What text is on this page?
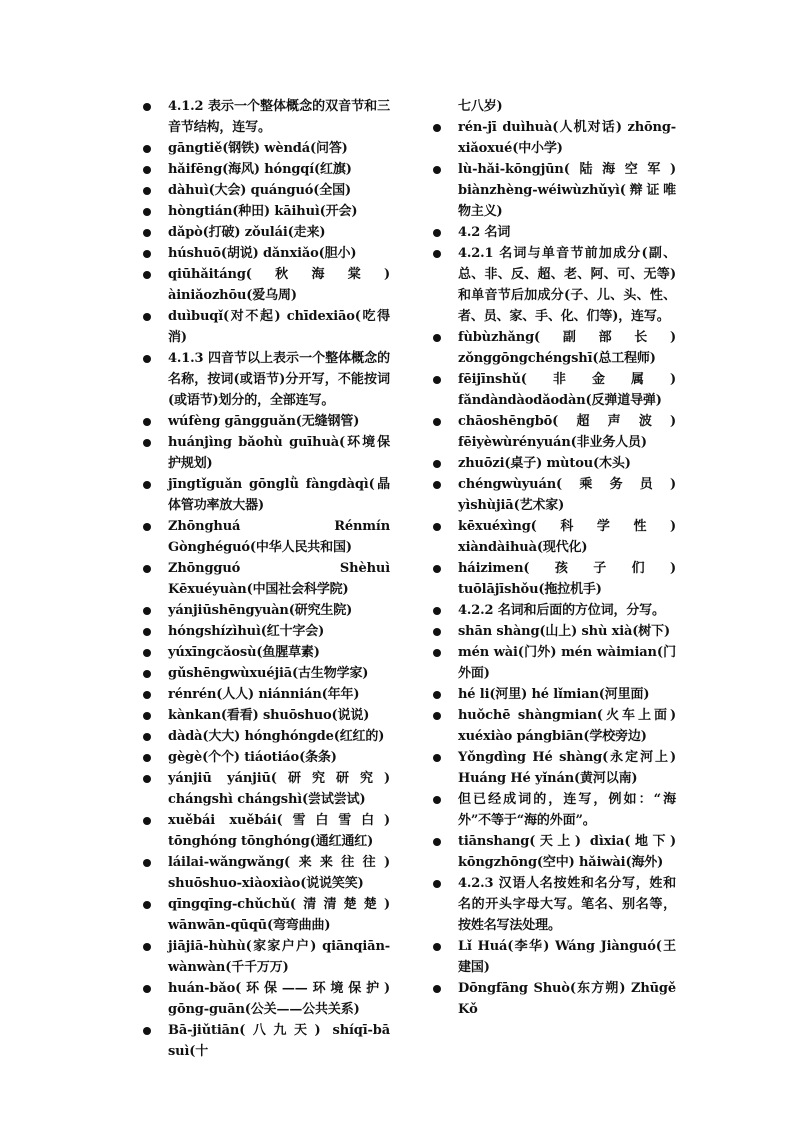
4.1.2 表示一个整体概念的双音节和三音节结构，连写。
gāngtiě(钢铁) wèndá(问答)
hǎifēng(海风) hóngqí(红旗)
dàhuì(大会) quánguó(全国)
hòngtián(种田) kāihuì(开会)
dǎpò(打破) zǒulái(走来)
húshuō(胡说) dǎnxiǎo(胆小)
qiūhǎitáng(秋海棠) àiniǎozhōu(爱乌周)
duìbuqǐ(对不起) chīdexiāo(吃得消)
4.1.3 四音节以上表示一个整体概念的名称，按词(或语节)分开写，不能按词(或语节)划分的，全部连写。
wúfèng gāngguǎn(无缝钢管)
huánjìng bǎohù guīhuà(环境保护规划)
jīngtǐguǎn gōnglǜ fàngdàqì(晶体管功率放大器)
Zhōnghuá Rénmín Gònghéguó(中华人民共和国)
Zhōngguó Shèhuì Kēxuéyuàn(中国社会科学院)
yánjiūshēngyuàn(研究生院)
hóngshízìhuì(红十字会)
yúxīngcǎosù(鱼腥草素)
gǔshēngwùxuéjiā(古生物学家)
rénrén(人人) niánnián(年年)
kànkan(看看) shuōshuo(说说)
dàdà(大大) hónghóngde(红红的)
gègè(个个) tiáotiáo(条条)
yánjiū yánjiū(研究研究) chángshì chángshì(尝试尝试)
xuěbái xuěbái(雪白雪白) tōnghóng tōnghóng(通红通红)
láilai-wǎngwǎng(来来往往) shuōshuo-xiàoxiào(说说笑笑)
qīngqīng-chǔchǔ(清清楚楚) wānwān-qūqū(弯弯曲曲)
jiājiā-hùhù(家家户户) qiānqiān-wànwàn(千千万万)
huán-bǎo(环保——环境保护) gōng-guān(公关——公共关系)
Bā-jiǔtiān(八九天) shíqī-bā suì(十
七八岁)
rén-jī duìhuà(人机对话) zhōng-xiǎoxué(中小学)
lù-hǎi-kōngjūn(陆海空军) biànzhèng-wéiwùzhǔyì(辩证唯物主义)
4.2 名词
4.2.1 名词与单音节前加成分(副、总、非、反、超、老、阿、可、无等)和单音节后加成分(子、儿、头、性、者、员、家、手、化、们等)，连写。
fùbùzhǎng(副部长) zǒnggōngchéngshī(总工程师)
fēijīnshǔ(非金属) fǎndàndàodǎodàn(反弹道导弹)
chāoshēngbō(超声波) fēiyèwùrényuán(非业务人员)
zhuōzi(桌子) mùtou(木头)
chéngwùyuán(乘务员) yìshùjiā(艺术家)
kēxuéxìng(科学性) xiàndàihuà(现代化)
háizimen(孩子们) tuōlājīshǒu(拖拉机手)
4.2.2 名词和后面的方位词，分写。
shān shàng(山上) shù xià(树下)
mén wài(门外) mén wàimian(门外面)
hé li(河里) hé lǐmian(河里面)
huǒchē shàngmian(火车上面) xuéxiào pángbiān(学校旁边)
Yǒngdìng Hé shàng(永定河上) Huáng Hé yǐnán(黄河以南)
但已经成词的，连写，例如：“海外”不等于“海的外面”。
tiānshang(天上) dìxia(地下) kōngzhōng(空中) hǎiwài(海外)
4.2.3 汉语人名按姓和名分写，姓和名的开头字母大写。笔名、别名等，按姓名写法处理。
Lǐ Huá(李华) Wáng Jiànguó(王建国)
Dōngfāng Shuò(东方朔) Zhūgě Kǒ
